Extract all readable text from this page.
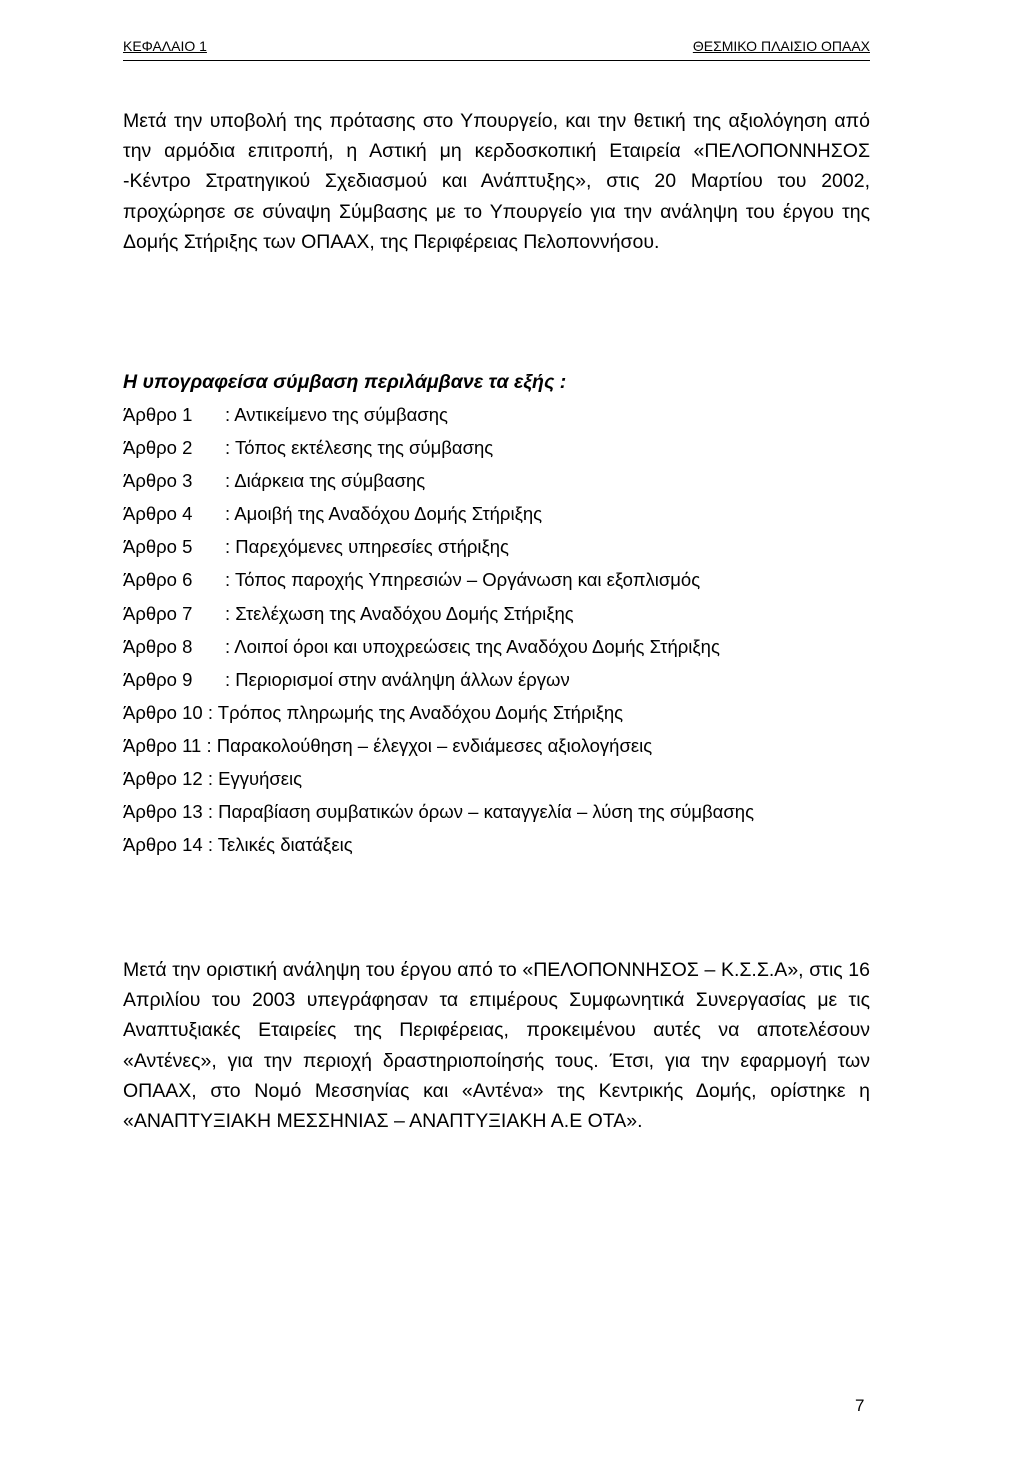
ΚΕΦΑΛΑΙΟ 1	ΘΕΣΜΙΚΟ ΠΛΑΙΣΙΟ ΟΠΑΑΧ
Μετά την υποβολή της πρότασης στο Υπουργείο, και την θετική της αξιολόγηση από την αρμόδια επιτροπή, η Αστική μη κερδοσκοπική Εταιρεία «ΠΕΛΟΠΟΝΝΗΣΟΣ -Κέντρο Στρατηγικού Σχεδιασμού και Ανάπτυξης», στις 20 Μαρτίου του 2002, προχώρησε σε σύναψη Σύμβασης με το Υπουργείο για την ανάληψη του έργου της Δομής Στήριξης των ΟΠΑΑΧ, της Περιφέρειας Πελοποννήσου.
Η υπογραφείσα σύμβαση περιλάμβανε τα εξής :
Άρθρο 1 : Αντικείμενο της σύμβασης
Άρθρο 2 : Τόπος εκτέλεσης της σύμβασης
Άρθρο 3 : Διάρκεια της σύμβασης
Άρθρο 4 : Αμοιβή της Αναδόχου Δομής Στήριξης
Άρθρο 5 : Παρεχόμενες υπηρεσίες στήριξης
Άρθρο 6 : Τόπος παροχής Υπηρεσιών – Οργάνωση και εξοπλισμός
Άρθρο 7 : Στελέχωση της Αναδόχου Δομής Στήριξης
Άρθρο 8 : Λοιποί όροι και υποχρεώσεις της Αναδόχου Δομής Στήριξης
Άρθρο 9 : Περιορισμοί στην ανάληψη άλλων έργων
Άρθρο 10 : Τρόπος πληρωμής της Αναδόχου Δομής Στήριξης
Άρθρο 11 : Παρακολούθηση – έλεγχοι – ενδιάμεσες αξιολογήσεις
Άρθρο 12 : Εγγυήσεις
Άρθρο 13 : Παραβίαση συμβατικών όρων – καταγγελία – λύση της σύμβασης
Άρθρο 14 : Τελικές διατάξεις
Μετά την οριστική ανάληψη του έργου από το «ΠΕΛΟΠΟΝΝΗΣΟΣ – Κ.Σ.Σ.Α», στις 16 Απριλίου του 2003 υπεγράφησαν τα επιμέρους Συμφωνητικά Συνεργασίας με τις Αναπτυξιακές Εταιρείες της Περιφέρειας, προκειμένου αυτές να αποτελέσουν «Αντένες», για την περιοχή δραστηριοποίησής τους. Έτσι, για την εφαρμογή των ΟΠΑΑΧ, στο Νομό Μεσσηνίας και «Αντένα» της Κεντρικής Δομής, ορίστηκε η «ΑΝΑΠΤΥΞΙΑΚΗ ΜΕΣΣΗΝΙΑΣ – ΑΝΑΠΤΥΞΙΑΚΗ Α.Ε ΟΤΑ».
7
